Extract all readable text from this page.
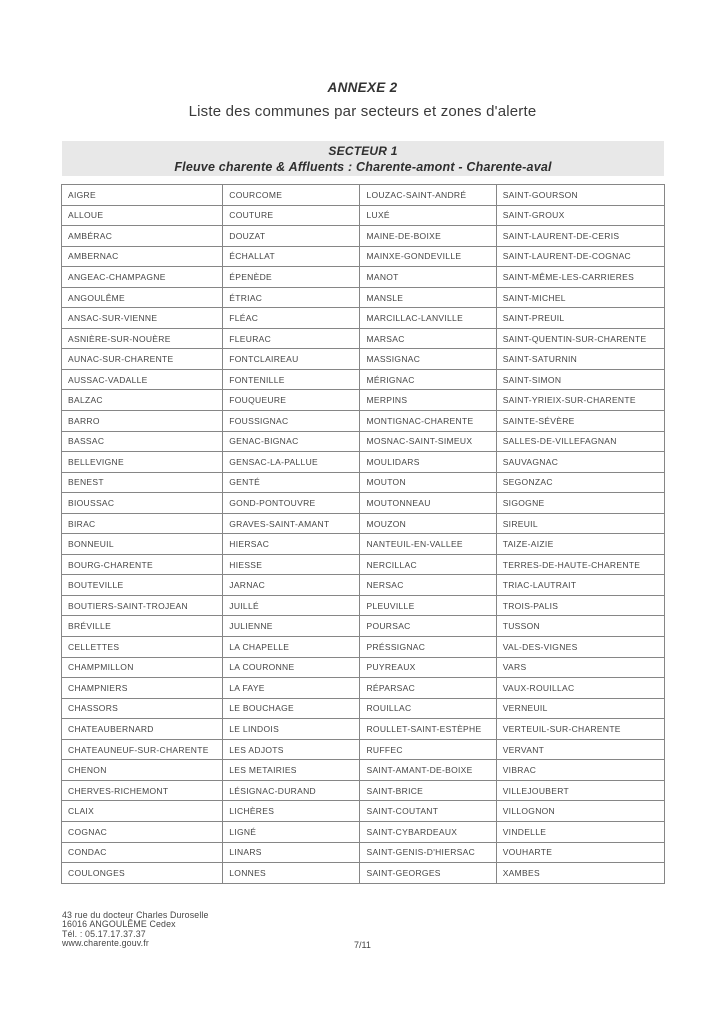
ANNEXE 2
Liste des communes par secteurs et zones d'alerte
SECTEUR 1
Fleuve charente & Affluents : Charente-amont - Charente-aval
AIGRE	COURCOME	LOUZAC-SAINT-ANDRÉ	SAINT-GOURSON
ALLOUE	COUTURE	LUXÉ	SAINT-GROUX
AMBÉRAC	DOUZAT	MAINE-DE-BOIXE	SAINT-LAURENT-DE-CERIS
AMBERNAC	ÉCHALLAT	MAINXE-GONDEVILLE	SAINT-LAURENT-DE-COGNAC
ANGEAC-CHAMPAGNE	ÉPENÈDE	MANOT	SAINT-MÊME-LES-CARRIERES
ANGOULÊME	ÉTRIAC	MANSLE	SAINT-MICHEL
ANSAC-SUR-VIENNE	FLÉAC	MARCILLAC-LANVILLE	SAINT-PREUIL
ASNIÈRE-SUR-NOUÈRE	FLEURAC	MARSAC	SAINT-QUENTIN-SUR-CHARENTE
AUNAC-SUR-CHARENTE	FONTCLAIREAU	MASSIGNAC	SAINT-SATURNIN
AUSSAC-VADALLE	FONTENILLE	MÉRIGNAC	SAINT-SIMON
BALZAC	FOUQUEURE	MERPINS	SAINT-YRIEIX-SUR-CHARENTE
BARRO	FOUSSIGNAC	MONTIGNAC-CHARENTE	SAINTE-SÉVÈRE
BASSAC	GENAC-BIGNAC	MOSNAC-SAINT-SIMEUX	SALLES-DE-VILLEFAGNAN
BELLEVIGNE	GENSAC-LA-PALLUE	MOULIDARS	SAUVAGNAC
BENEST	GENTÉ	MOUTON	SEGONZAC
BIOUSSAC	GOND-PONTOUVRE	MOUTONNEAU	SIGOGNE
BIRAC	GRAVES-SAINT-AMANT	MOUZON	SIREUIL
BONNEUIL	HIERSAC	NANTEUIL-EN-VALLEE	TAIZE-AIZIE
BOURG-CHARENTE	HIESSE	NERCILLAC	TERRES-DE-HAUTE-CHARENTE
BOUTEVILLE	JARNAC	NERSAC	TRIAC-LAUTRAIT
BOUTIERS-SAINT-TROJEAN	JUILLÉ	PLEUVILLE	TROIS-PALIS
BRÉVILLE	JULIENNE	POURSAC	TUSSON
CELLETTES	LA CHAPELLE	PRÉSSIGNAC	VAL-DES-VIGNES
CHAMPMILLON	LA COURONNE	PUYREAUX	VARS
CHAMPNIERS	LA FAYE	RÉPARSAC	VAUX-ROUILLAC
CHASSORS	LE BOUCHAGE	ROUILLAC	VERNEUIL
CHATEAUBERNARD	LE LINDOIS	ROULLET-SAINT-ESTÈPHE	VERTEUIL-SUR-CHARENTE
CHATEAUNEUF-SUR-CHARENTE	LES ADJOTS	RUFFEC	VERVANT
CHENON	LES METAIRIES	SAINT-AMANT-DE-BOIXE	VIBRAC
CHERVES-RICHEMONT	LÉSIGNAC-DURAND	SAINT-BRICE	VILLEJOUBERT
CLAIX	LICHÈRES	SAINT-COUTANT	VILLOGNON
COGNAC	LIGNÉ	SAINT-CYBARDEAUX	VINDELLE
CONDAC	LINARS	SAINT-GENIS-D'HIERSAC	VOUHARTE
COULONGES	LONNES	SAINT-GEORGES	XAMBES
43 rue du docteur Charles Duroselle
16016 ANGOULÊME Cedex
Tél. : 05.17.17.37.37
www.charente.gouv.fr	7/11
